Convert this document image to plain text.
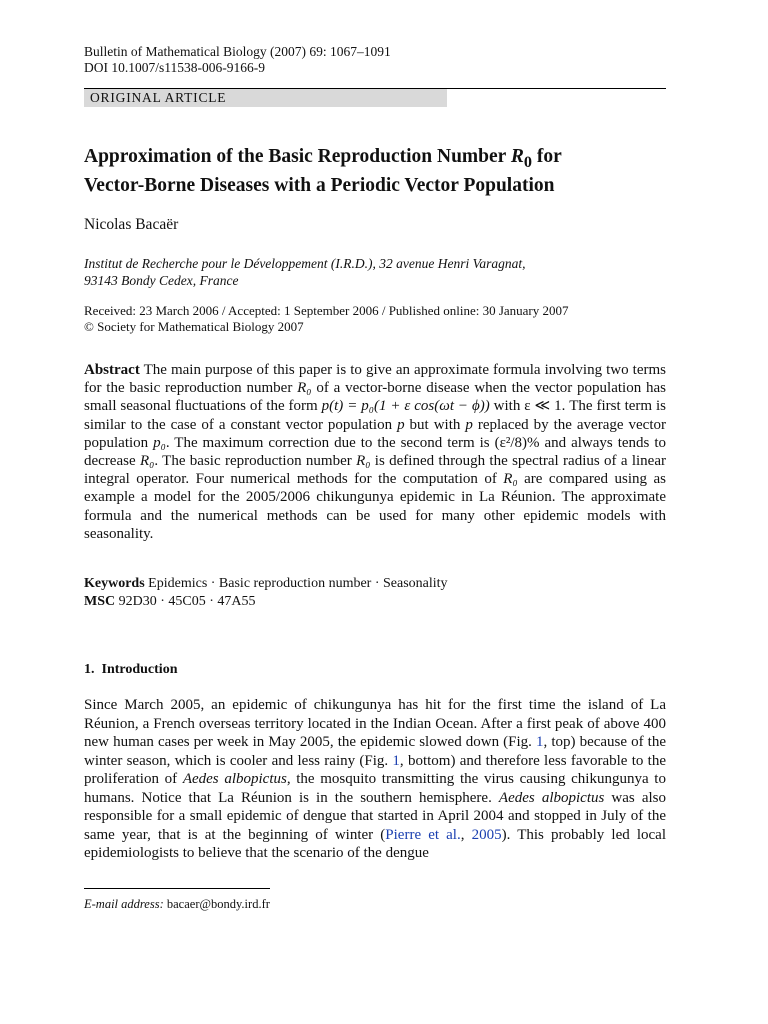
Bulletin of Mathematical Biology (2007) 69: 1067–1091
DOI 10.1007/s11538-006-9166-9
ORIGINAL ARTICLE
Approximation of the Basic Reproduction Number $R_0$ for
Vector-Borne Diseases with a Periodic Vector Population
Nicolas Bacaër
Institut de Recherche pour le Développement (I.R.D.), 32 avenue Henri Varagnat,
93143 Bondy Cedex, France
Received: 23 March 2006 / Accepted: 1 September 2006 / Published online: 30 January 2007
© Society for Mathematical Biology 2007
Abstract The main purpose of this paper is to give an approximate formula involving two terms for the basic reproduction number R₀ of a vector-borne disease when the vector population has small seasonal fluctuations of the form p(t) = p₀(1 + ε cos(ωt − ϕ)) with ε ≪ 1. The first term is similar to the case of a constant vector population p but with p replaced by the average vector population p₀. The maximum correction due to the second term is (ε²/8)% and always tends to decrease R₀. The basic reproduction number R₀ is defined through the spectral radius of a linear integral operator. Four numerical methods for the computation of R₀ are compared using as example a model for the 2005/2006 chikungunya epidemic in La Réunion. The approximate formula and the numerical methods can be used for many other epidemic models with seasonality.
Keywords Epidemics · Basic reproduction number · Seasonality
MSC 92D30 · 45C05 · 47A55
1. Introduction
Since March 2005, an epidemic of chikungunya has hit for the first time the island of La Réunion, a French overseas territory located in the Indian Ocean. After a first peak of above 400 new human cases per week in May 2005, the epidemic slowed down (Fig. 1, top) because of the winter season, which is cooler and less rainy (Fig. 1, bottom) and therefore less favorable to the proliferation of Aedes albopictus, the mosquito transmitting the virus causing chikungunya to humans. Notice that La Réunion is in the southern hemisphere. Aedes albopictus was also responsible for a small epidemic of dengue that started in April 2004 and stopped in July of the same year, that is at the beginning of winter (Pierre et al., 2005). This probably led local epidemiologists to believe that the scenario of the dengue
E-mail address: bacaer@bondy.ird.fr
